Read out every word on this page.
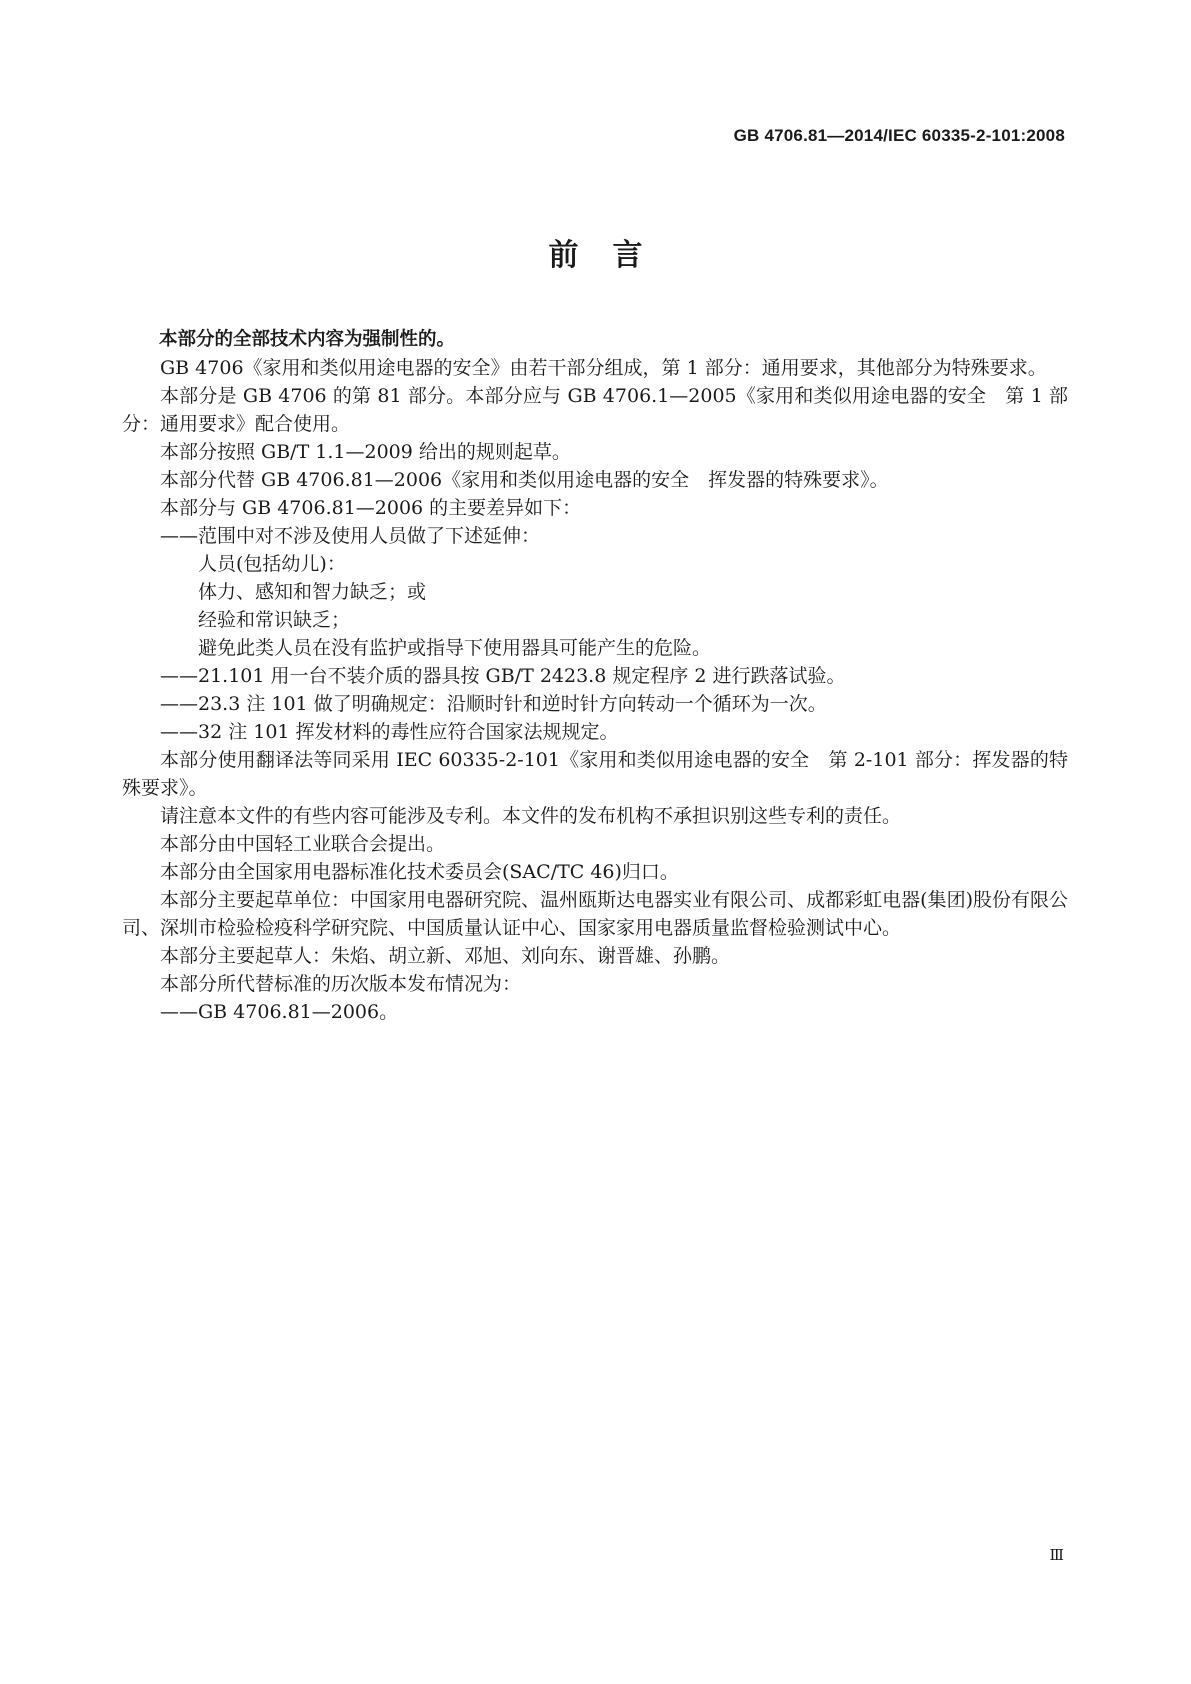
GB 4706.81—2014/IEC 60335-2-101:2008
前言

本部分的全部技术内容为强制性的。

GB 4706《家用和类似用途电器的安全》由若干部分组成，第 1 部分：通用要求，其他部分为特殊要求。

本部分是 GB 4706 的第 81 部分。本部分应与 GB 4706.1—2005《家用和类似用途电器的安全　第 1 部分：通用要求》配合使用。

本部分按照 GB/T 1.1—2009 给出的规则起草。

本部分代替 GB 4706.81—2006《家用和类似用途电器的安全　挥发器的特殊要求》。

本部分与 GB 4706.81—2006 的主要差异如下：

——范围中对不涉及使用人员做了下述延伸：

人员(包括幼儿)：

体力、感知和智力缺乏；或

经验和常识缺乏；

避免此类人员在没有监护或指导下使用器具可能产生的危险。

——21.101 用一台不装介质的器具按 GB/T 2423.8 规定程序 2 进行跌落试验。

——23.3 注 101 做了明确规定：沿顺时针和逆时针方向转动一个循环为一次。

——32 注 101 挥发材料的毒性应符合国家法规规定。

本部分使用翻译法等同采用 IEC 60335-2-101《家用和类似用途电器的安全　第 2-101 部分：挥发器的特殊要求》。

请注意本文件的有些内容可能涉及专利。本文件的发布机构不承担识别这些专利的责任。

本部分由中国轻工业联合会提出。

本部分由全国家用电器标准化技术委员会(SAC/TC 46)归口。

本部分主要起草单位：中国家用电器研究院、温州瓯斯达电器实业有限公司、成都彩虹电器(集团)股份有限公司、深圳市检验检疫科学研究院、中国质量认证中心、国家家用电器质量监督检验测试中心。

本部分主要起草人：朱焰、胡立新、邓旭、刘向东、谢晋雄、孙鹏。

本部分所代替标准的历次版本发布情况为：

——GB 4706.81—2006。

Ⅲ
